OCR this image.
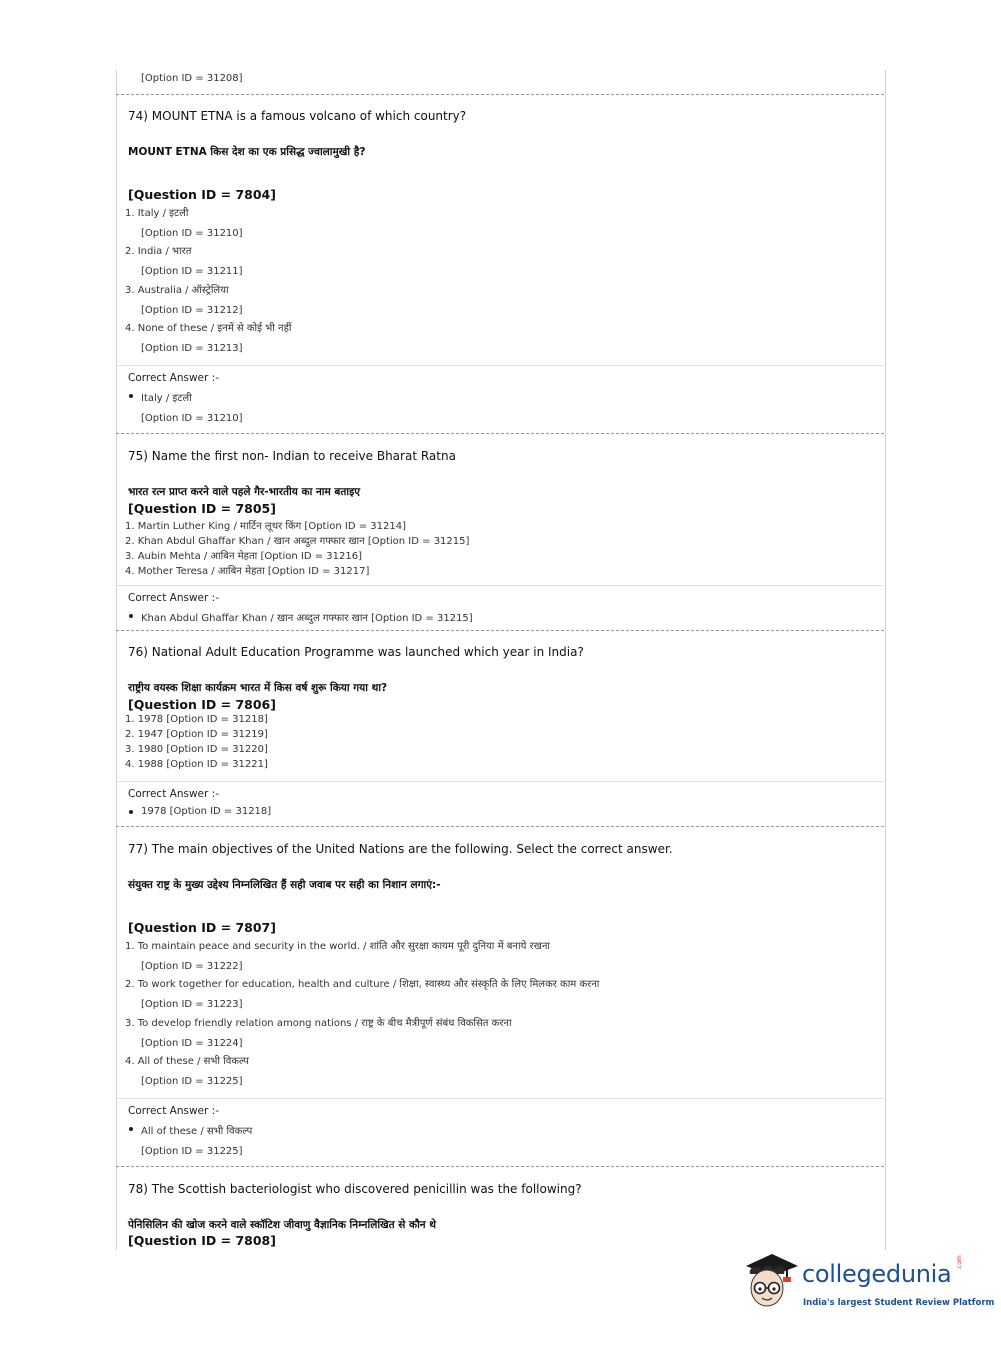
[Option ID = 31208]
74) MOUNT ETNA is a famous volcano of which country?
MOUNT ETNA किस देश का एक प्रसिद्ध ज्वालामुखी है?
[Question ID = 7804]
1. Italy / इटली
[Option ID = 31210]
2. India / भारत
[Option ID = 31211]
3. Australia / ऑस्ट्रेलिया
[Option ID = 31212]
4. None of these / इनमें से कोई भी नहीं
[Option ID = 31213]
Correct Answer :-
Italy / इटली
[Option ID = 31210]
75) Name the first non- Indian to receive Bharat Ratna
भारत रत्न प्राप्त करने वाले पहले गैर-भारतीय का नाम बताइए
[Question ID = 7805]
1. Martin Luther King / मार्टिन लूथर किंग [Option ID = 31214]
2. Khan Abdul Ghaffar Khan / खान अब्दुल गफ्फार खान [Option ID = 31215]
3. Aubin Mehta / आबिन मेहता [Option ID = 31216]
4. Mother Teresa / आबिन मेहता [Option ID = 31217]
Correct Answer :-
Khan Abdul Ghaffar Khan / खान अब्दुल गफ्फार खान [Option ID = 31215]
76) National Adult Education Programme was launched which year in India?
राष्ट्रीय वयस्क शिक्षा कार्यक्रम भारत में किस वर्ष शुरू किया गया था?
[Question ID = 7806]
1. 1978 [Option ID = 31218]
2. 1947 [Option ID = 31219]
3. 1980 [Option ID = 31220]
4. 1988 [Option ID = 31221]
Correct Answer :-
1978 [Option ID = 31218]
77) The main objectives of the United Nations are the following. Select the correct answer.
संयुक्त राष्ट्र के मुख्य उद्देश्य निम्नलिखित हैं सही जवाब पर सही का निशान लगाएं:-
[Question ID = 7807]
1. To maintain peace and security in the world. / शांति और सुरक्षा कायम पूरी दुनिया में बनाये रखना
[Option ID = 31222]
2. To work together for education, health and culture / शिक्षा, स्वास्थ्य और संस्कृति के लिए मिलकर काम करना
[Option ID = 31223]
3. To develop friendly relation among nations / राष्ट्र के बीच मैत्रीपूर्ण संबंध विकसित करना
[Option ID = 31224]
4. All of these / सभी विकल्प
[Option ID = 31225]
Correct Answer :-
All of these / सभी विकल्प
[Option ID = 31225]
78) The Scottish bacteriologist who discovered penicillin was the following?
पेनिसिलिन की खोज करने वाले स्कॉटिश जीवाणु वैज्ञानिक निम्नलिखित से कौन थे
[Question ID = 7808]
collegedunia .com
India's largest Student Review Platform
